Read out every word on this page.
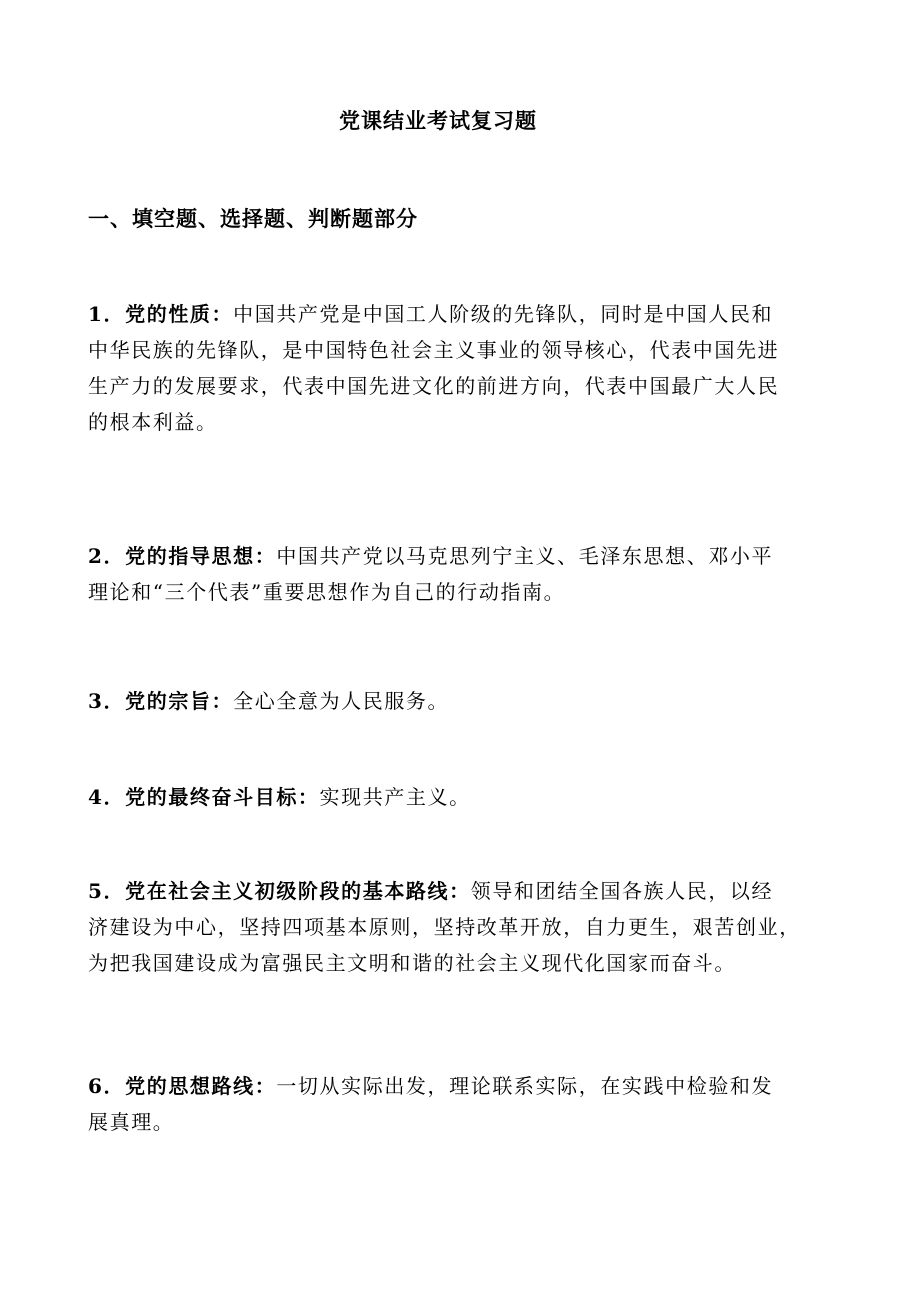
党课结业考试复习题
一、填空题、选择题、判断题部分
1．党的性质：中国共产党是中国工人阶级的先锋队，同时是中国人民和
中华民族的先锋队，是中国特色社会主义事业的领导核心，代表中国先进
生产力的发展要求，代表中国先进文化的前进方向，代表中国最广大人民
的根本利益。
2．党的指导思想：中国共产党以马克思列宁主义、毛泽东思想、邓小平
理论和“三个代表”重要思想作为自己的行动指南。
3．党的宗旨：全心全意为人民服务。
4．党的最终奋斗目标：实现共产主义。
5．党在社会主义初级阶段的基本路线：领导和团结全国各族人民，以经
济建设为中心，坚持四项基本原则，坚持改革开放，自力更生，艰苦创业，
为把我国建设成为富强民主文明和谐的社会主义现代化国家而奋斗。
6．党的思想路线：一切从实际出发，理论联系实际，在实践中检验和发
展真理。
